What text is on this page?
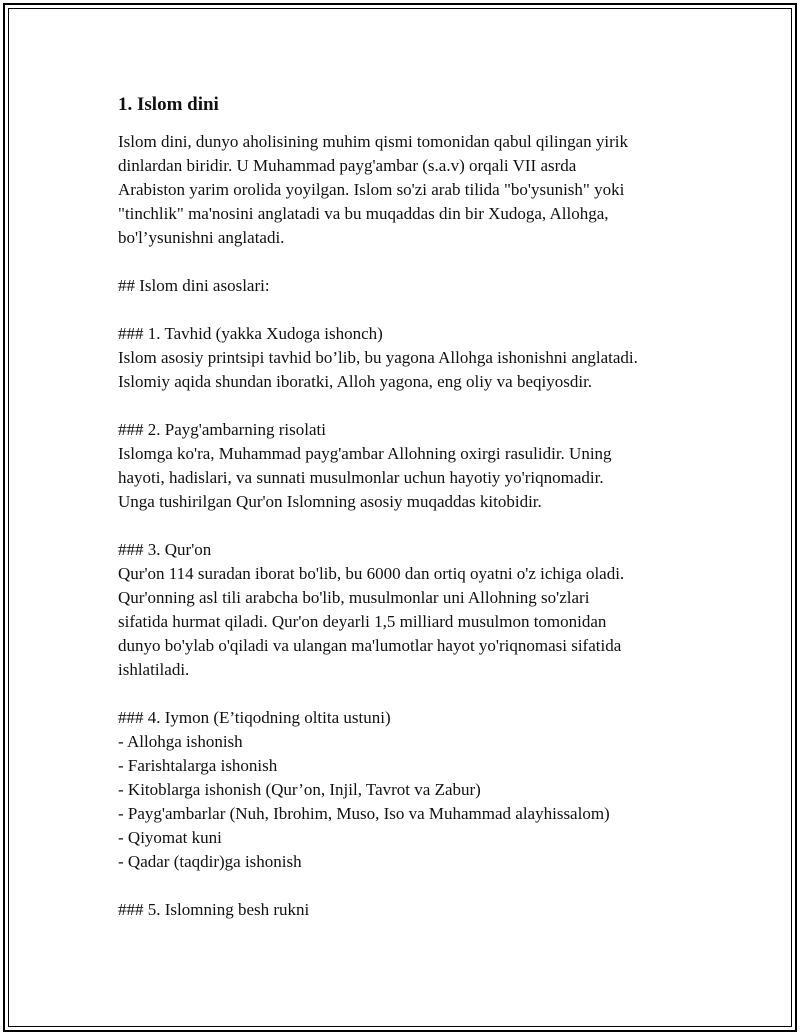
1. Islom dini
Islom dini, dunyo aholisining muhim qismi tomonidan qabul qilingan yirik
dinlardan biridir. U Muhammad payg'ambar (s.a.v) orqali VII asrda
Arabiston yarim orolida yoyilgan. Islom so'zi arab tilida "bo'ysunish" yoki
"tinchlik" ma'nosini anglatadi va bu muqaddas din bir Xudoga, Allohga,
bo'l’ysunishni anglatadi.
## Islom dini asoslari:
### 1. Tavhid (yakka Xudoga ishonch)
Islom asosiy printsipi tavhid bo’lib, bu yagona Allohga ishonishni anglatadi.
Islomiy aqida shundan iboratki, Alloh yagona, eng oliy va beqiyosdir.
### 2. Payg'ambarning risolati
Islomga ko'ra, Muhammad payg'ambar Allohning oxirgi rasulidir. Uning
hayoti, hadislari, va sunnati musulmonlar uchun hayotiy yo'riqnomadir.
Unga tushirilgan Qur'on Islomning asosiy muqaddas kitobidir.
### 3. Qur'on
Qur'on 114 suradan iborat bo'lib, bu 6000 dan ortiq oyatni o'z ichiga oladi.
Qur'onning asl tili arabcha bo'lib, musulmonlar uni Allohning so'zlari
sifatida hurmat qiladi. Qur'on deyarli 1,5 milliard musulmon tomonidan
dunyo bo'ylab o'qiladi va ulangan ma'lumotlar hayot yo'riqnomasi sifatida
ishlatiladi.
### 4. Iymon (E’tiqodning oltita ustuni)
- Allohga ishonish
- Farishtalarga ishonish
- Kitoblarga ishonish (Qur’on, Injil, Tavrot va Zabur)
- Payg'ambarlar (Nuh, Ibrohim, Muso, Iso va Muhammad alayhissalom)
- Qiyomat kuni
- Qadar (taqdir)ga ishonish
### 5. Islomning besh rukni
